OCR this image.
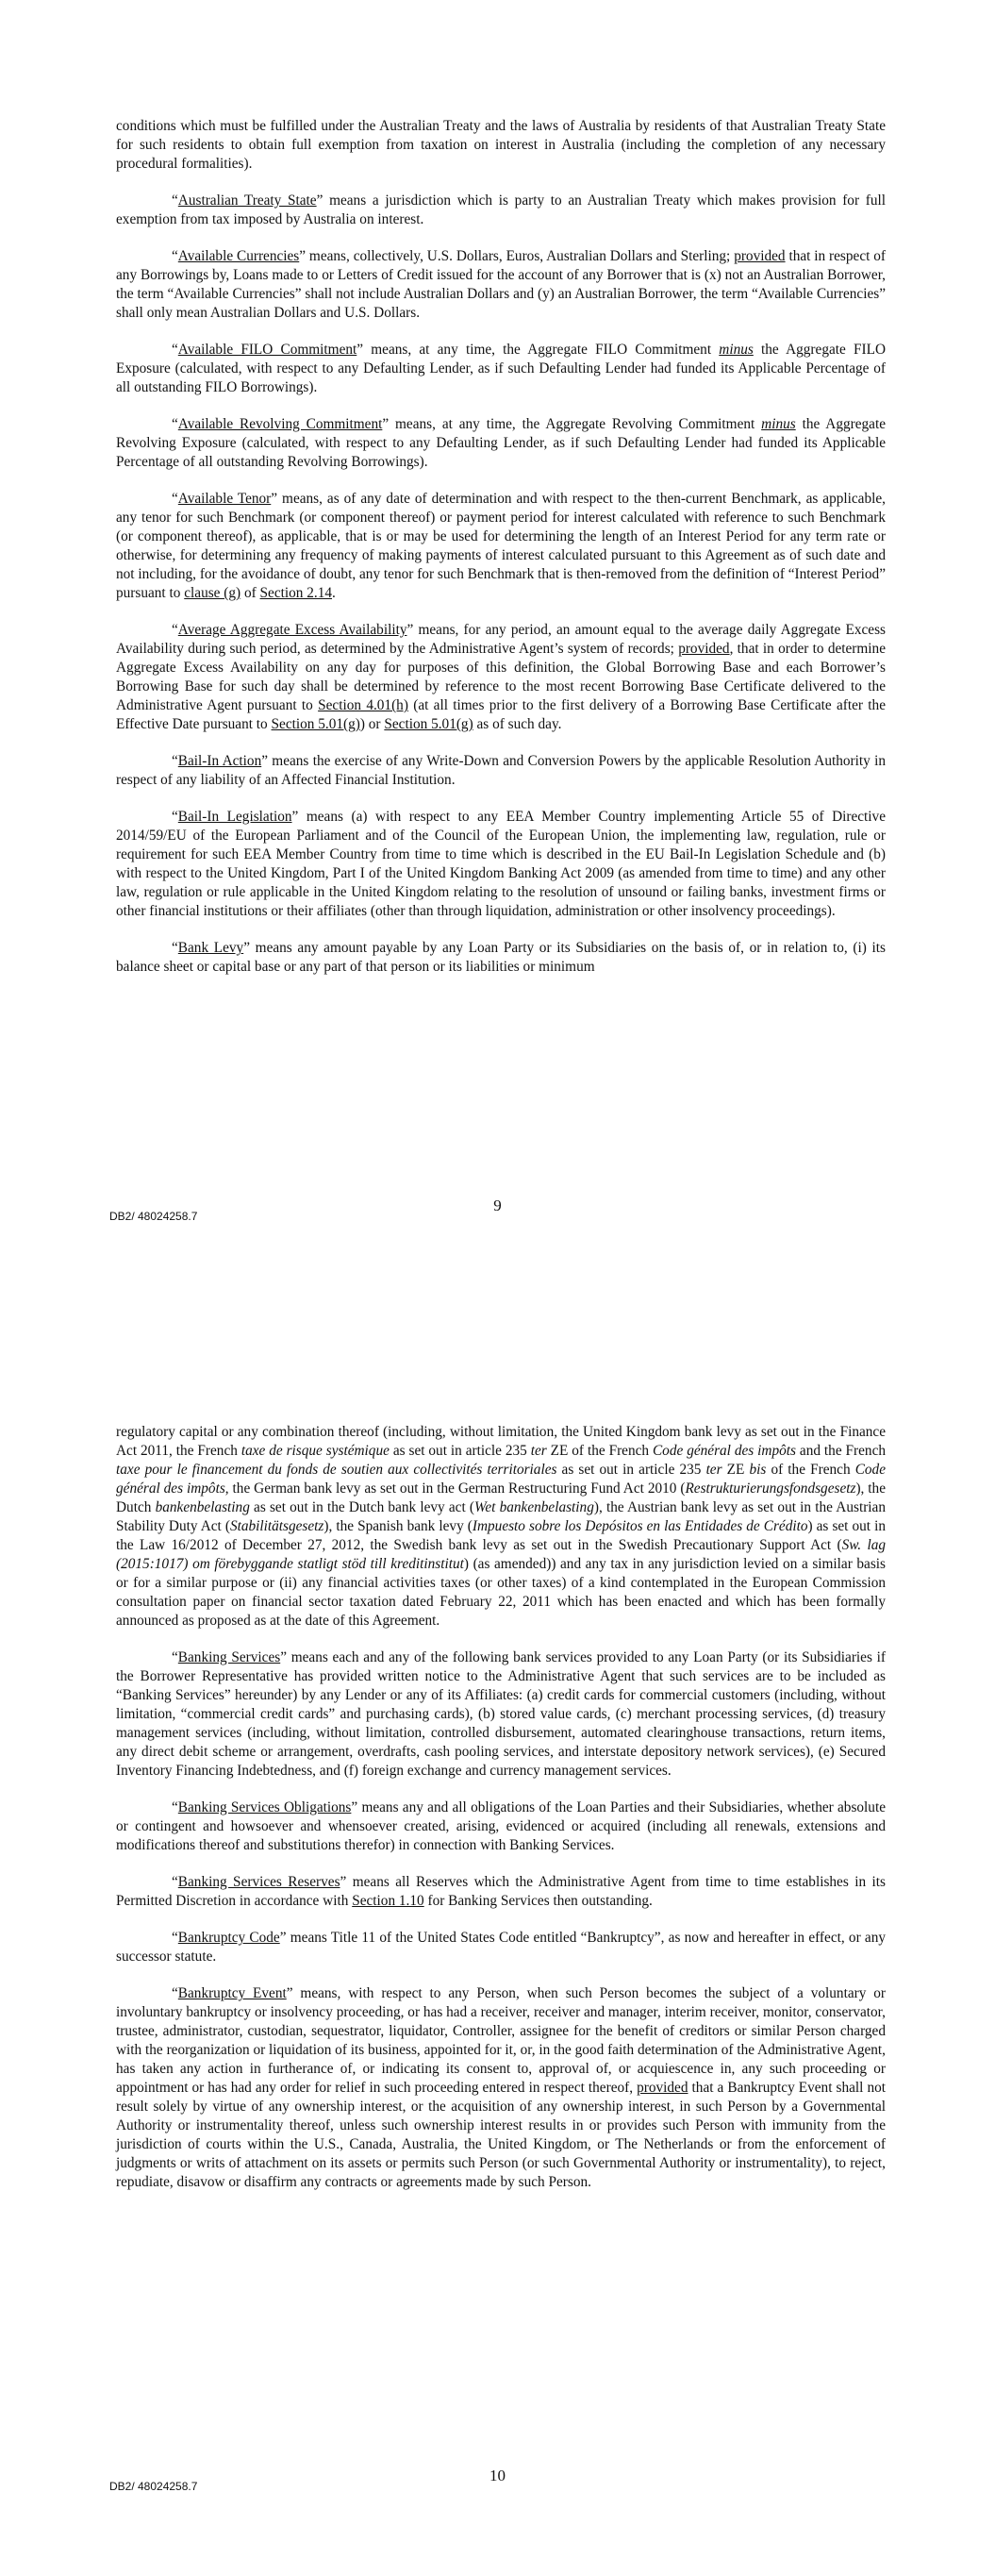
conditions which must be fulfilled under the Australian Treaty and the laws of Australia by residents of that Australian Treaty State for such residents to obtain full exemption from taxation on interest in Australia (including the completion of any necessary procedural formalities).

“Australian Treaty State” means a jurisdiction which is party to an Australian Treaty which makes provision for full exemption from tax imposed by Australia on interest.

“Available Currencies” means, collectively, U.S. Dollars, Euros, Australian Dollars and Sterling; provided that in respect of any Borrowings by, Loans made to or Letters of Credit issued for the account of any Borrower that is (x) not an Australian Borrower, the term “Available Currencies” shall not include Australian Dollars and (y) an Australian Borrower, the term “Available Currencies” shall only mean Australian Dollars and U.S. Dollars.

“Available FILO Commitment” means, at any time, the Aggregate FILO Commitment minus the Aggregate FILO Exposure (calculated, with respect to any Defaulting Lender, as if such Defaulting Lender had funded its Applicable Percentage of all outstanding FILO Borrowings).

“Available Revolving Commitment” means, at any time, the Aggregate Revolving Commitment minus the Aggregate Revolving Exposure (calculated, with respect to any Defaulting Lender, as if such Defaulting Lender had funded its Applicable Percentage of all outstanding Revolving Borrowings).

“Available Tenor” means, as of any date of determination and with respect to the then-current Benchmark, as applicable, any tenor for such Benchmark (or component thereof) or payment period for interest calculated with reference to such Benchmark (or component thereof), as applicable, that is or may be used for determining the length of an Interest Period for any term rate or otherwise, for determining any frequency of making payments of interest calculated pursuant to this Agreement as of such date and not including, for the avoidance of doubt, any tenor for such Benchmark that is then-removed from the definition of “Interest Period” pursuant to clause (g) of Section 2.14.

“Average Aggregate Excess Availability” means, for any period, an amount equal to the average daily Aggregate Excess Availability during such period, as determined by the Administrative Agent’s system of records; provided, that in order to determine Aggregate Excess Availability on any day for purposes of this definition, the Global Borrowing Base and each Borrower’s Borrowing Base for such day shall be determined by reference to the most recent Borrowing Base Certificate delivered to the Administrative Agent pursuant to Section 4.01(h) (at all times prior to the first delivery of a Borrowing Base Certificate after the Effective Date pursuant to Section 5.01(g)) or Section 5.01(g) as of such day.

“Bail-In Action” means the exercise of any Write-Down and Conversion Powers by the applicable Resolution Authority in respect of any liability of an Affected Financial Institution.

“Bail-In Legislation” means (a) with respect to any EEA Member Country implementing Article 55 of Directive 2014/59/EU of the European Parliament and of the Council of the European Union, the implementing law, regulation, rule or requirement for such EEA Member Country from time to time which is described in the EU Bail-In Legislation Schedule and (b) with respect to the United Kingdom, Part I of the United Kingdom Banking Act 2009 (as amended from time to time) and any other law, regulation or rule applicable in the United Kingdom relating to the resolution of unsound or failing banks, investment firms or other financial institutions or their affiliates (other than through liquidation, administration or other insolvency proceedings).

“Bank Levy” means any amount payable by any Loan Party or its Subsidiaries on the basis of, or in relation to, (i) its balance sheet or capital base or any part of that person or its liabilities or minimum

9
DB2/ 48024258.7

regulatory capital or any combination thereof (including, without limitation, the United Kingdom bank levy as set out in the Finance Act 2011, the French taxe de risque systémique as set out in article 235 ter ZE of the French Code général des impôts and the French taxe pour le financement du fonds de soutien aux collectivités territoriales as set out in article 235 ter ZE bis of the French Code général des impôts, the German bank levy as set out in the German Restructuring Fund Act 2010 (Restrukturierungsfondsgesetz), the Dutch bankenbelasting as set out in the Dutch bank levy act (Wet bankenbelasting), the Austrian bank levy as set out in the Austrian Stability Duty Act (Stabilitätsgesetz), the Spanish bank levy (Impuesto sobre los Depósitos en las Entidades de Crédito) as set out in the Law 16/2012 of December 27, 2012, the Swedish bank levy as set out in the Swedish Precautionary Support Act (Sw. lag (2015:1017) om förebyggande statligt stöd till kreditinstitut) (as amended)) and any tax in any jurisdiction levied on a similar basis or for a similar purpose or (ii) any financial activities taxes (or other taxes) of a kind contemplated in the European Commission consultation paper on financial sector taxation dated February 22, 2011 which has been enacted and which has been formally announced as proposed as at the date of this Agreement.

“Banking Services” means each and any of the following bank services provided to any Loan Party (or its Subsidiaries if the Borrower Representative has provided written notice to the Administrative Agent that such services are to be included as “Banking Services” hereunder) by any Lender or any of its Affiliates: (a) credit cards for commercial customers (including, without limitation, “commercial credit cards” and purchasing cards), (b) stored value cards, (c) merchant processing services, (d) treasury management services (including, without limitation, controlled disbursement, automated clearinghouse transactions, return items, any direct debit scheme or arrangement, overdrafts, cash pooling services, and interstate depository network services), (e) Secured Inventory Financing Indebtedness, and (f) foreign exchange and currency management services.

“Banking Services Obligations” means any and all obligations of the Loan Parties and their Subsidiaries, whether absolute or contingent and howsoever and whensoever created, arising, evidenced or acquired (including all renewals, extensions and modifications thereof and substitutions therefor) in connection with Banking Services.

“Banking Services Reserves” means all Reserves which the Administrative Agent from time to time establishes in its Permitted Discretion in accordance with Section 1.10 for Banking Services then outstanding.

“Bankruptcy Code” means Title 11 of the United States Code entitled “Bankruptcy”, as now and hereafter in effect, or any successor statute.

“Bankruptcy Event” means, with respect to any Person, when such Person becomes the subject of a voluntary or involuntary bankruptcy or insolvency proceeding, or has had a receiver, receiver and manager, interim receiver, monitor, conservator, trustee, administrator, custodian, sequestrator, liquidator, Controller, assignee for the benefit of creditors or similar Person charged with the reorganization or liquidation of its business, appointed for it, or, in the good faith determination of the Administrative Agent, has taken any action in furtherance of, or indicating its consent to, approval of, or acquiescence in, any such proceeding or appointment or has had any order for relief in such proceeding entered in respect thereof, provided that a Bankruptcy Event shall not result solely by virtue of any ownership interest, or the acquisition of any ownership interest, in such Person by a Governmental Authority or instrumentality thereof, unless such ownership interest results in or provides such Person with immunity from the jurisdiction of courts within the U.S., Canada, Australia, the United Kingdom, or The Netherlands or from the enforcement of judgments or writs of attachment on its assets or permits such Person (or such Governmental Authority or instrumentality), to reject, repudiate, disavow or disaffirm any contracts or agreements made by such Person.

10
DB2/ 48024258.7
